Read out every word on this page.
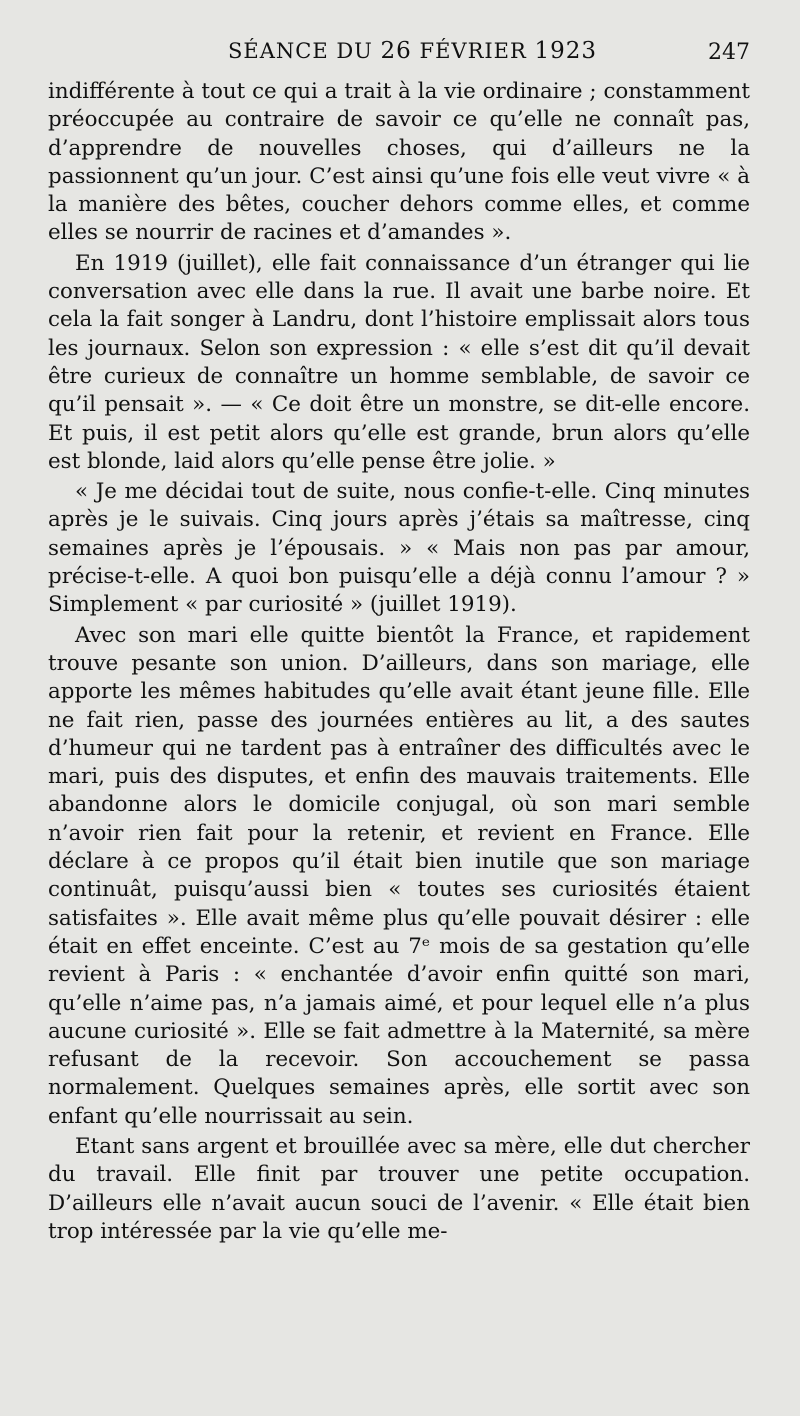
SÉANCE DU 26 FÉVRIER 1923	247

indifférente à tout ce qui a trait à la vie ordinaire ; constamment préoccupée au contraire de savoir ce qu’elle ne connaît pas, d’apprendre de nouvelles choses, qui d’ailleurs ne la passionnent qu’un jour. C’est ainsi qu’une fois elle veut vivre « à la manière des bêtes, coucher dehors comme elles, et comme elles se nourrir de racines et d’amandes ».

En 1919 (juillet), elle fait connaissance d’un étranger qui lie conversation avec elle dans la rue. Il avait une barbe noire. Et cela la fait songer à Landru, dont l’histoire emplissait alors tous les journaux. Selon son expression : « elle s’est dit qu’il devait être curieux de connaître un homme semblable, de savoir ce qu’il pensait ». — « Ce doit être un monstre, se dit-elle encore. Et puis, il est petit alors qu’elle est grande, brun alors qu’elle est blonde, laid alors qu’elle pense être jolie. »

« Je me décidai tout de suite, nous confie-t-elle. Cinq minutes après je le suivais. Cinq jours après j’étais sa maîtresse, cinq semaines après je l’épousais. » « Mais non pas par amour, précise-t-elle. A quoi bon puisqu’elle a déjà connu l’amour ? » Simplement « par curiosité » (juillet 1919).

Avec son mari elle quitte bientôt la France, et rapidement trouve pesante son union. D’ailleurs, dans son mariage, elle apporte les mêmes habitudes qu’elle avait étant jeune fille. Elle ne fait rien, passe des journées entières au lit, a des sautes d’humeur qui ne tardent pas à entraîner des difficultés avec le mari, puis des disputes, et enfin des mauvais traitements. Elle abandonne alors le domicile conjugal, où son mari semble n’avoir rien fait pour la retenir, et revient en France. Elle déclare à ce propos qu’il était bien inutile que son mariage continuât, puisqu’aussi bien « toutes ses curiosités étaient satisfaites ». Elle avait même plus qu’elle pouvait désirer : elle était en effet enceinte. C’est au 7ᵉ mois de sa gestation qu’elle revient à Paris : « enchantée d’avoir enfin quitté son mari, qu’elle n’aime pas, n’a jamais aimé, et pour lequel elle n’a plus aucune curiosité ». Elle se fait admettre à la Maternité, sa mère refusant de la recevoir. Son accouchement se passa normalement. Quelques semaines après, elle sortit avec son enfant qu’elle nourrissait au sein.

Etant sans argent et brouillée avec sa mère, elle dut chercher du travail. Elle finit par trouver une petite occupation. D’ailleurs elle n’avait aucun souci de l’avenir. « Elle était bien trop intéressée par la vie qu’elle me-
